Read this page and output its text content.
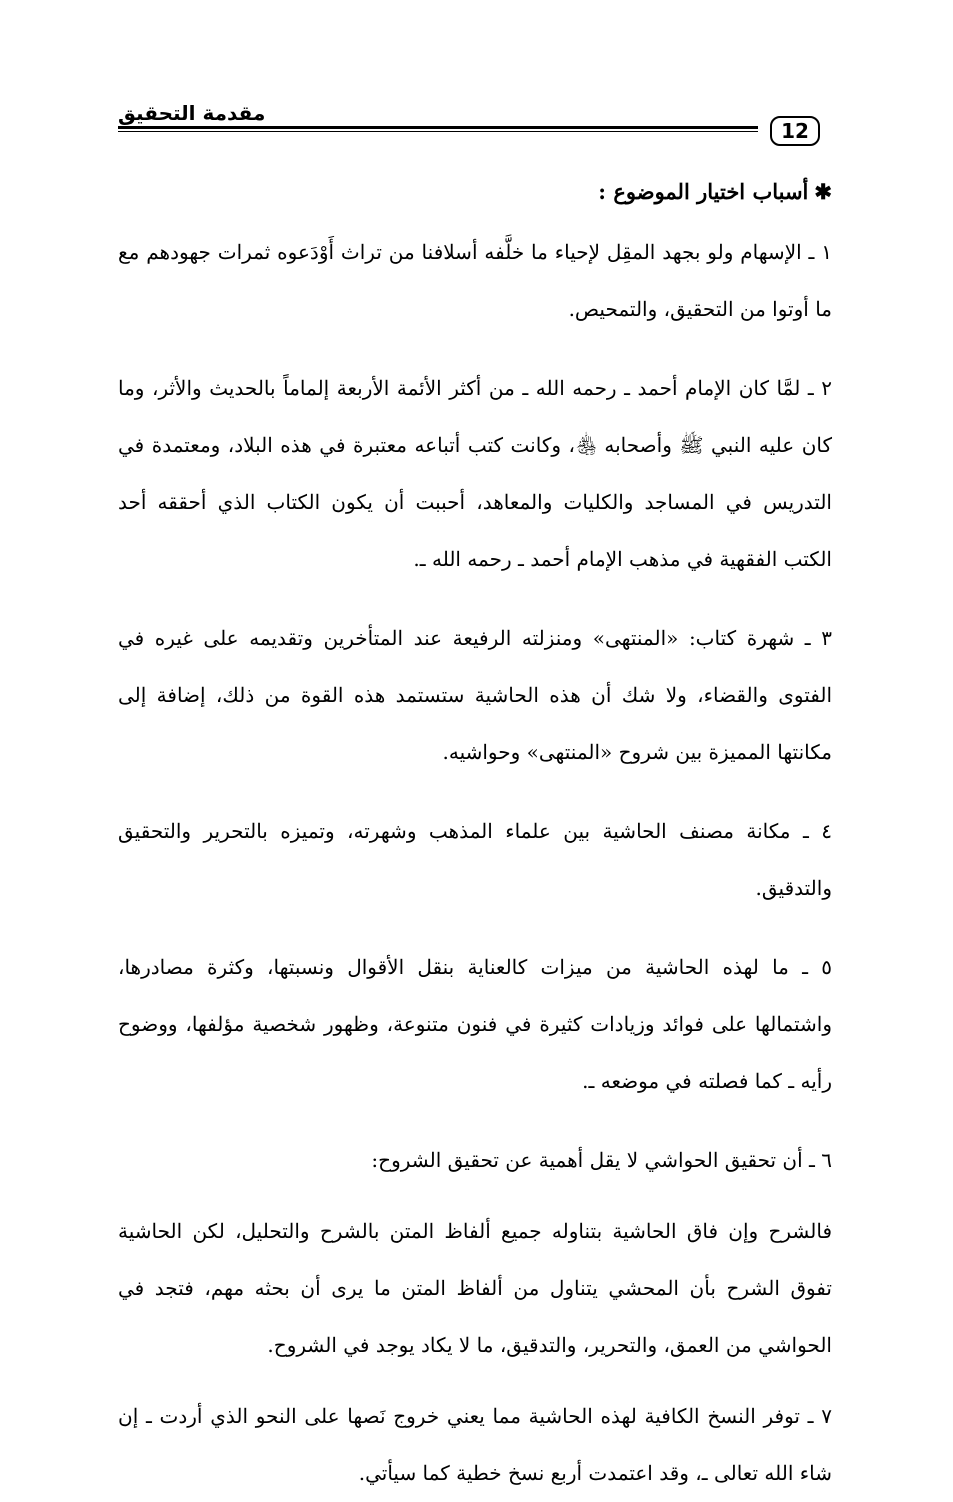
مقدمة التحقيق
12
✱أسباب اختيار الموضوع :

١ ـ الإسهام ولو بجهد المقِل لإحياء ما خلَّفه أسلافنا من تراث أَوْدَعوه ثمرات جهودهم مع ما أوتوا من التحقيق، والتمحيص.

٢ ـ لمَّا كان الإمام أحمد ـ رحمه الله ـ من أكثر الأئمة الأربعة إلماماً بالحديث والأثر، وما كان عليه النبي ﷺ وأصحابه ﵃، وكانت كتب أتباعه معتبرة في هذه البلاد، ومعتمدة في التدريس في المساجد والكليات والمعاهد، أحببت أن يكون الكتاب الذي أحققه أحد الكتب الفقهية في مذهب الإمام أحمد ـ رحمه الله ـ.

٣ ـ شهرة كتاب: «المنتهى» ومنزلته الرفيعة عند المتأخرين وتقديمه على غيره في الفتوى والقضاء، ولا شك أن هذه الحاشية ستستمد هذه القوة من ذلك، إضافة إلى مكانتها المميزة بين شروح «المنتهى» وحواشيه.

٤ ـ مكانة مصنف الحاشية بين علماء المذهب وشهرته، وتميزه بالتحرير والتحقيق والتدقيق.

٥ ـ ما لهذه الحاشية من ميزات كالعناية بنقل الأقوال ونسبتها، وكثرة مصادرها، واشتمالها على فوائد وزيادات كثيرة في فنون متنوعة، وظهور شخصية مؤلفها، ووضوح رأيه ـ كما فصلته في موضعه ـ.

٦ ـ أن تحقيق الحواشي لا يقل أهمية عن تحقيق الشروح:

فالشرح وإن فاق الحاشية بتناوله جميع ألفاظ المتن بالشرح والتحليل، لكن الحاشية تفوق الشرح بأن المحشي يتناول من ألفاظ المتن ما يرى أن بحثه مهم، فتجد في الحواشي من العمق، والتحرير، والتدقيق، ما لا يكاد يوجد في الشروح.

٧ ـ توفر النسخ الكافية لهذه الحاشية مما يعني خروج نَصها على النحو الذي أردت ـ إن شاء الله تعالى ـ، وقد اعتمدت أربع نسخ خطية كما سيأتي.
